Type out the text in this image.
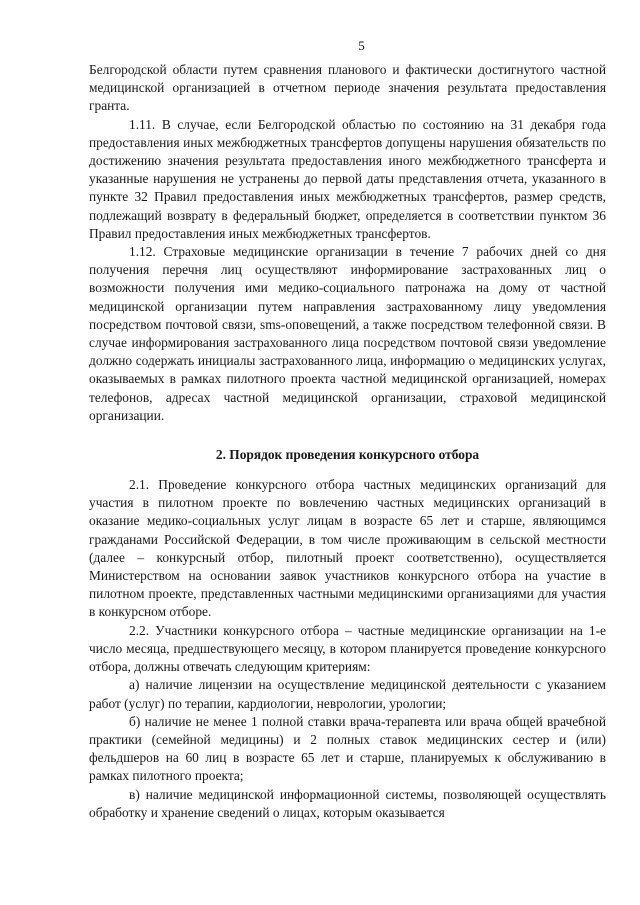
5

Белгородской области путем сравнения планового и фактически достигнутого частной медицинской организацией в отчетном периоде значения результата предоставления гранта.

1.11. В случае, если Белгородской областью по состоянию на 31 декабря года предоставления иных межбюджетных трансфертов допущены нарушения обязательств по достижению значения результата предоставления иного межбюджетного трансферта и указанные нарушения не устранены до первой даты представления отчета, указанного в пункте 32 Правил предоставления иных межбюджетных трансфертов, размер средств, подлежащий возврату в федеральный бюджет, определяется в соответствии пунктом 36 Правил предоставления иных межбюджетных трансфертов.

1.12. Страховые медицинские организации в течение 7 рабочих дней со дня получения перечня лиц осуществляют информирование застрахованных лиц о возможности получения ими медико-социального патронажа на дому от частной медицинской организации путем направления застрахованному лицу уведомления посредством почтовой связи, sms-оповещений, а также посредством телефонной связи. В случае информирования застрахованного лица посредством почтовой связи уведомление должно содержать инициалы застрахованного лица, информацию о медицинских услугах, оказываемых в рамках пилотного проекта частной медицинской организацией, номерах телефонов, адресах частной медицинской организации, страховой медицинской организации.

2. Порядок проведения конкурсного отбора

2.1. Проведение конкурсного отбора частных медицинских организаций для участия в пилотном проекте по вовлечению частных медицинских организаций в оказание медико-социальных услуг лицам в возрасте 65 лет и старше, являющимся гражданами Российской Федерации, в том числе проживающим в сельской местности (далее – конкурсный отбор, пилотный проект соответственно), осуществляется Министерством на основании заявок участников конкурсного отбора на участие в пилотном проекте, представленных частными медицинскими организациями для участия в конкурсном отборе.

2.2. Участники конкурсного отбора – частные медицинские организации на 1-е число месяца, предшествующего месяцу, в котором планируется проведение конкурсного отбора, должны отвечать следующим критериям:

а) наличие лицензии на осуществление медицинской деятельности с указанием работ (услуг) по терапии, кардиологии, неврологии, урологии;

б) наличие не менее 1 полной ставки врача-терапевта или врача общей врачебной практики (семейной медицины) и 2 полных ставок медицинских сестер и (или) фельдшеров на 60 лиц в возрасте 65 лет и старше, планируемых к обслуживанию в рамках пилотного проекта;

в) наличие медицинской информационной системы, позволяющей осуществлять обработку и хранение сведений о лицах, которым оказывается
